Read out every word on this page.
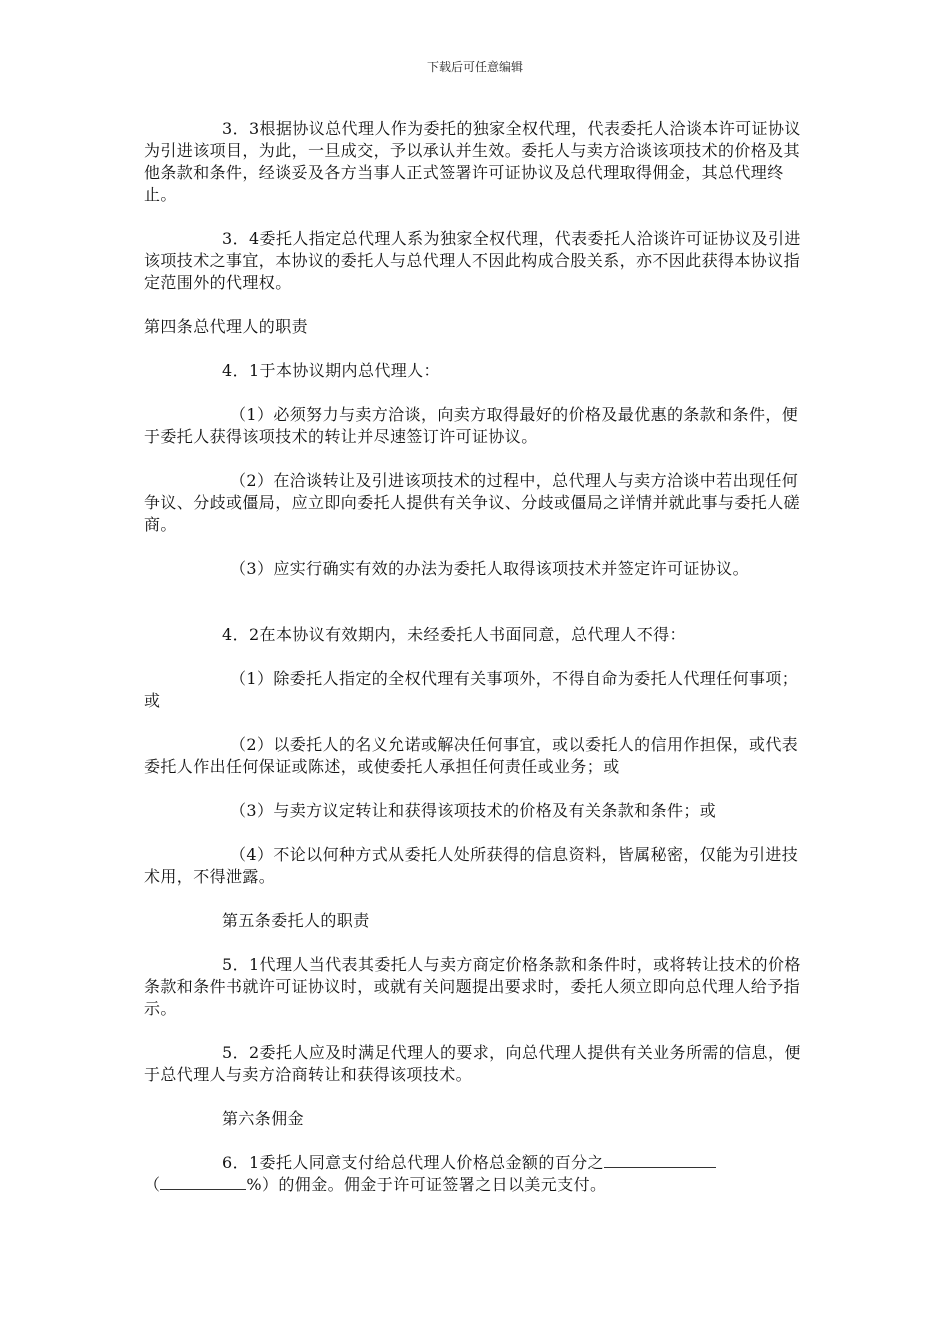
下载后可任意编辑

3．3根据协议总代理人作为委托的独家全权代理，代表委托人洽谈本许可证协议为引进该项目，为此，一旦成交，予以承认并生效。委托人与卖方洽谈该项技术的价格及其他条款和条件，经谈妥及各方当事人正式签署许可证协议及总代理取得佣金，其总代理终止。

3．4委托人指定总代理人系为独家全权代理，代表委托人洽谈许可证协议及引进该项技术之事宜，本协议的委托人与总代理人不因此构成合股关系，亦不因此获得本协议指定范围外的代理权。

第四条总代理人的职责

4．1于本协议期内总代理人：

（1）必须努力与卖方洽谈，向卖方取得最好的价格及最优惠的条款和条件，便于委托人获得该项技术的转让并尽速签订许可证协议。

（2）在洽谈转让及引进该项技术的过程中，总代理人与卖方洽谈中若出现任何争议、分歧或僵局，应立即向委托人提供有关争议、分歧或僵局之详情并就此事与委托人磋商。

（3）应实行确实有效的办法为委托人取得该项技术并签定许可证协议。

4．2在本协议有效期内，未经委托人书面同意，总代理人不得：

（1）除委托人指定的全权代理有关事项外，不得自命为委托人代理任何事项；或

（2）以委托人的名义允诺或解决任何事宜，或以委托人的信用作担保，或代表委托人作出任何保证或陈述，或使委托人承担任何责任或业务；或

（3）与卖方议定转让和获得该项技术的价格及有关条款和条件；或

（4）不论以何种方式从委托人处所获得的信息资料，皆属秘密，仅能为引进技术用，不得泄露。

第五条委托人的职责

5．1代理人当代表其委托人与卖方商定价格条款和条件时，或将转让技术的价格条款和条件书就许可证协议时，或就有关问题提出要求时，委托人须立即向总代理人给予指示。

5．2委托人应及时满足代理人的要求，向总代理人提供有关业务所需的信息，便于总代理人与卖方洽商转让和获得该项技术。

第六条佣金

6．1委托人同意支付给总代理人价格总金额的百分之
（	%）的佣金。佣金于许可证签署之日以美元支付。
